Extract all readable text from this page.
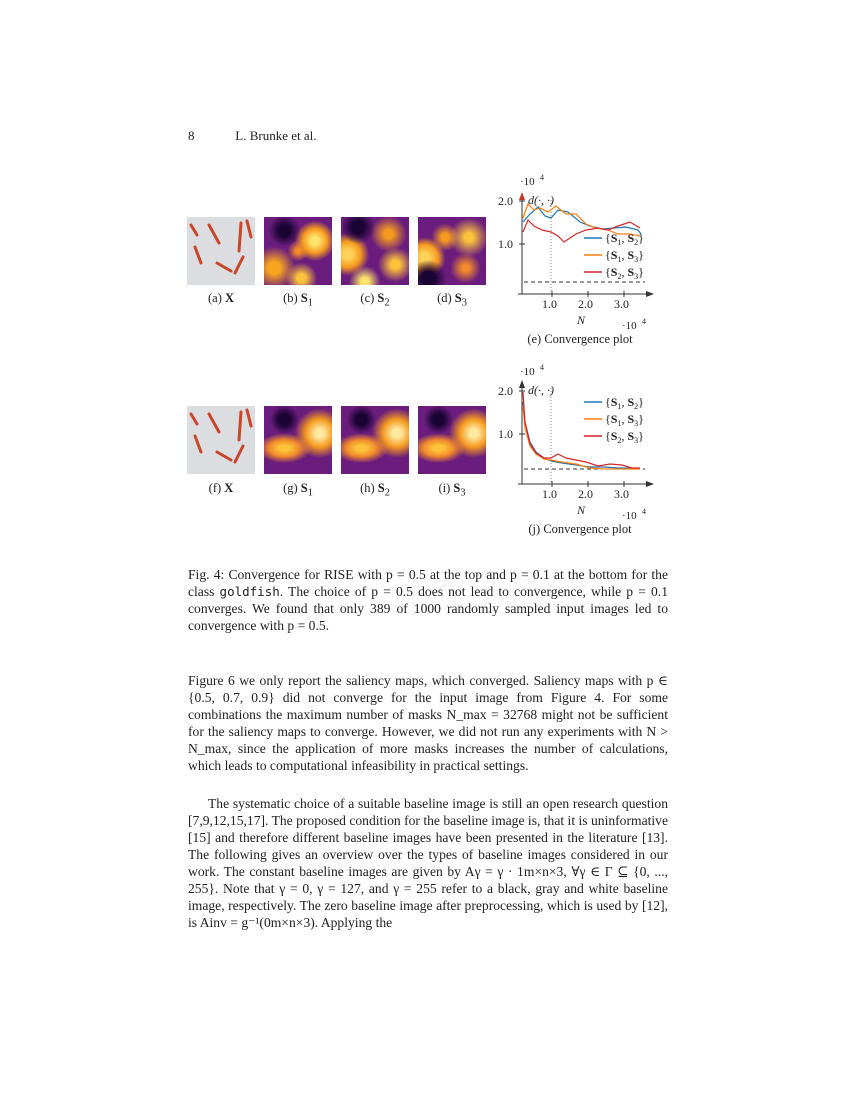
8	L. Brunke et al.
(a) X	(b) $S_1$	(c) $S_2$	(d) $S_3$
·10 4
2.0
1.0
d(·, ·)
1.0 2.0 3.0
N	·10 4
{$S_1$, $S_2$}
{$S_1$, $S_3$}
{$S_2$, $S_3$}
(e) Convergence plot
(f) X	(g) $S_1$	(h) $S_2$	(i) $S_3$
·10 4
2.0
1.0
d(·, ·)
1.0 2.0 3.0
N	·10 4
{$S_1$, $S_2$}
{$S_1$, $S_3$}
{$S_2$, $S_3$}
(j) Convergence plot
Fig. 4: Convergence for RISE with p = 0.5 at the top and p = 0.1 at the bottom for the class goldfish. The choice of p = 0.5 does not lead to convergence, while p = 0.1 converges. We found that only 389 of 1000 randomly sampled input images led to convergence with p = 0.5.
Figure 6 we only report the saliency maps, which converged. Saliency maps with p ∈ {0.5, 0.7, 0.9} did not converge for the input image from Figure 4. For some combinations the maximum number of masks N_max = 32768 might not be sufficient for the saliency maps to converge. However, we did not run any experiments with N > N_max, since the application of more masks increases the number of calculations, which leads to computational infeasibility in practical settings.
The systematic choice of a suitable baseline image is still an open research question [7,9,12,15,17]. The proposed condition for the baseline image is, that it is uninformative [15] and therefore different baseline images have been presented in the literature [13]. The following gives an overview over the types of baseline images considered in our work. The constant baseline images are given by Aγ = γ · 1m×n×3, ∀γ ∈ Γ ⊆ {0, ..., 255}. Note that γ = 0, γ = 127, and γ = 255 refer to a black, gray and white baseline image, respectively. The zero baseline image after preprocessing, which is used by [12], is Ainv = g⁻¹(0m×n×3). Applying the
